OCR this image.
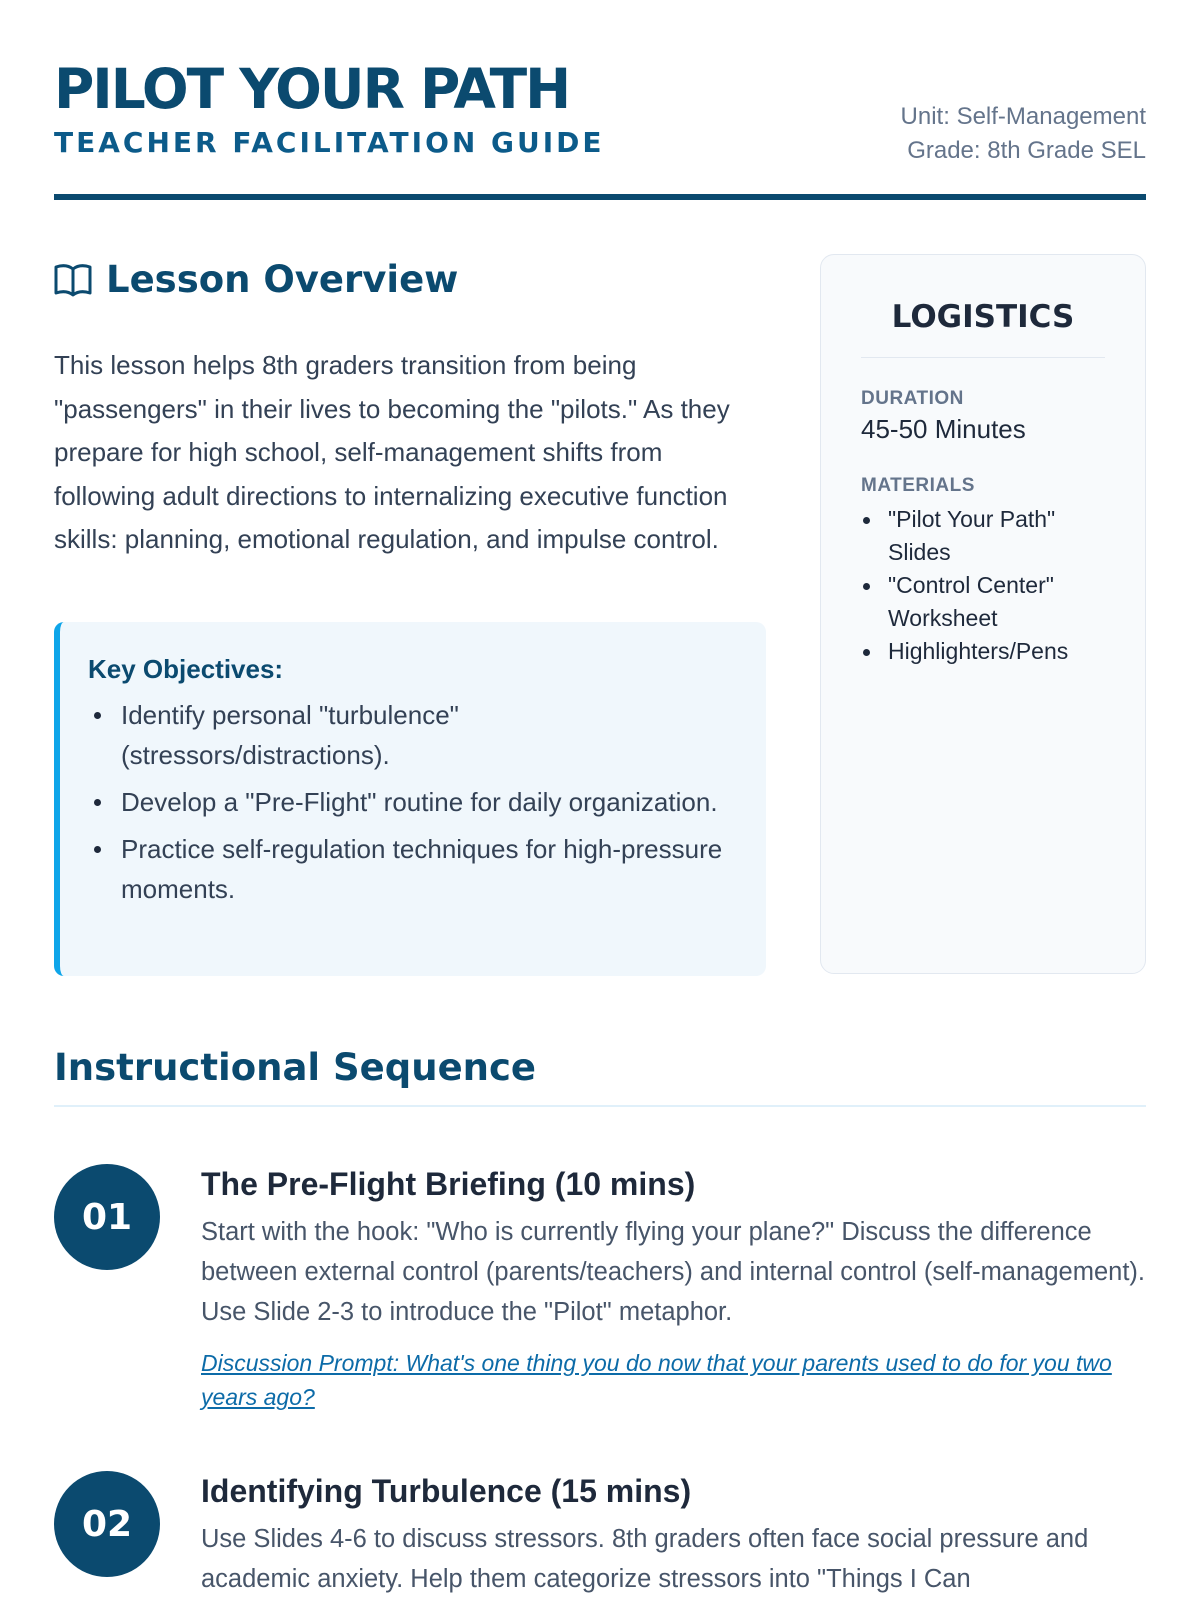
PILOT YOUR PATH
TEACHER FACILITATION GUIDE
Unit: Self-Management
Grade: 8th Grade SEL
Lesson Overview

This lesson helps 8th graders transition from being "passengers" in their lives to becoming the "pilots." As they prepare for high school, self-management shifts from following adult directions to internalizing executive function skills: planning, emotional regulation, and impulse control.

Key Objectives:
Identify personal "turbulence" (stressors/distractions).
Develop a "Pre-Flight" routine for daily organization.
Practice self-regulation techniques for high-pressure moments.
LOGISTICS
DURATION
45-50 Minutes
MATERIALS
"Pilot Your Path" Slides
"Control Center" Worksheet
Highlighters/Pens
Instructional Sequence
01
The Pre-Flight Briefing (10 mins)
Start with the hook: "Who is currently flying your plane?" Discuss the difference between external control (parents/teachers) and internal control (self-management). Use Slide 2-3 to introduce the "Pilot" metaphor.
Discussion Prompt: What's one thing you do now that your parents used to do for you two years ago?
02
Identifying Turbulence (15 mins)
Use Slides 4-6 to discuss stressors. 8th graders often face social pressure and academic anxiety. Help them categorize stressors into "Things I Can
